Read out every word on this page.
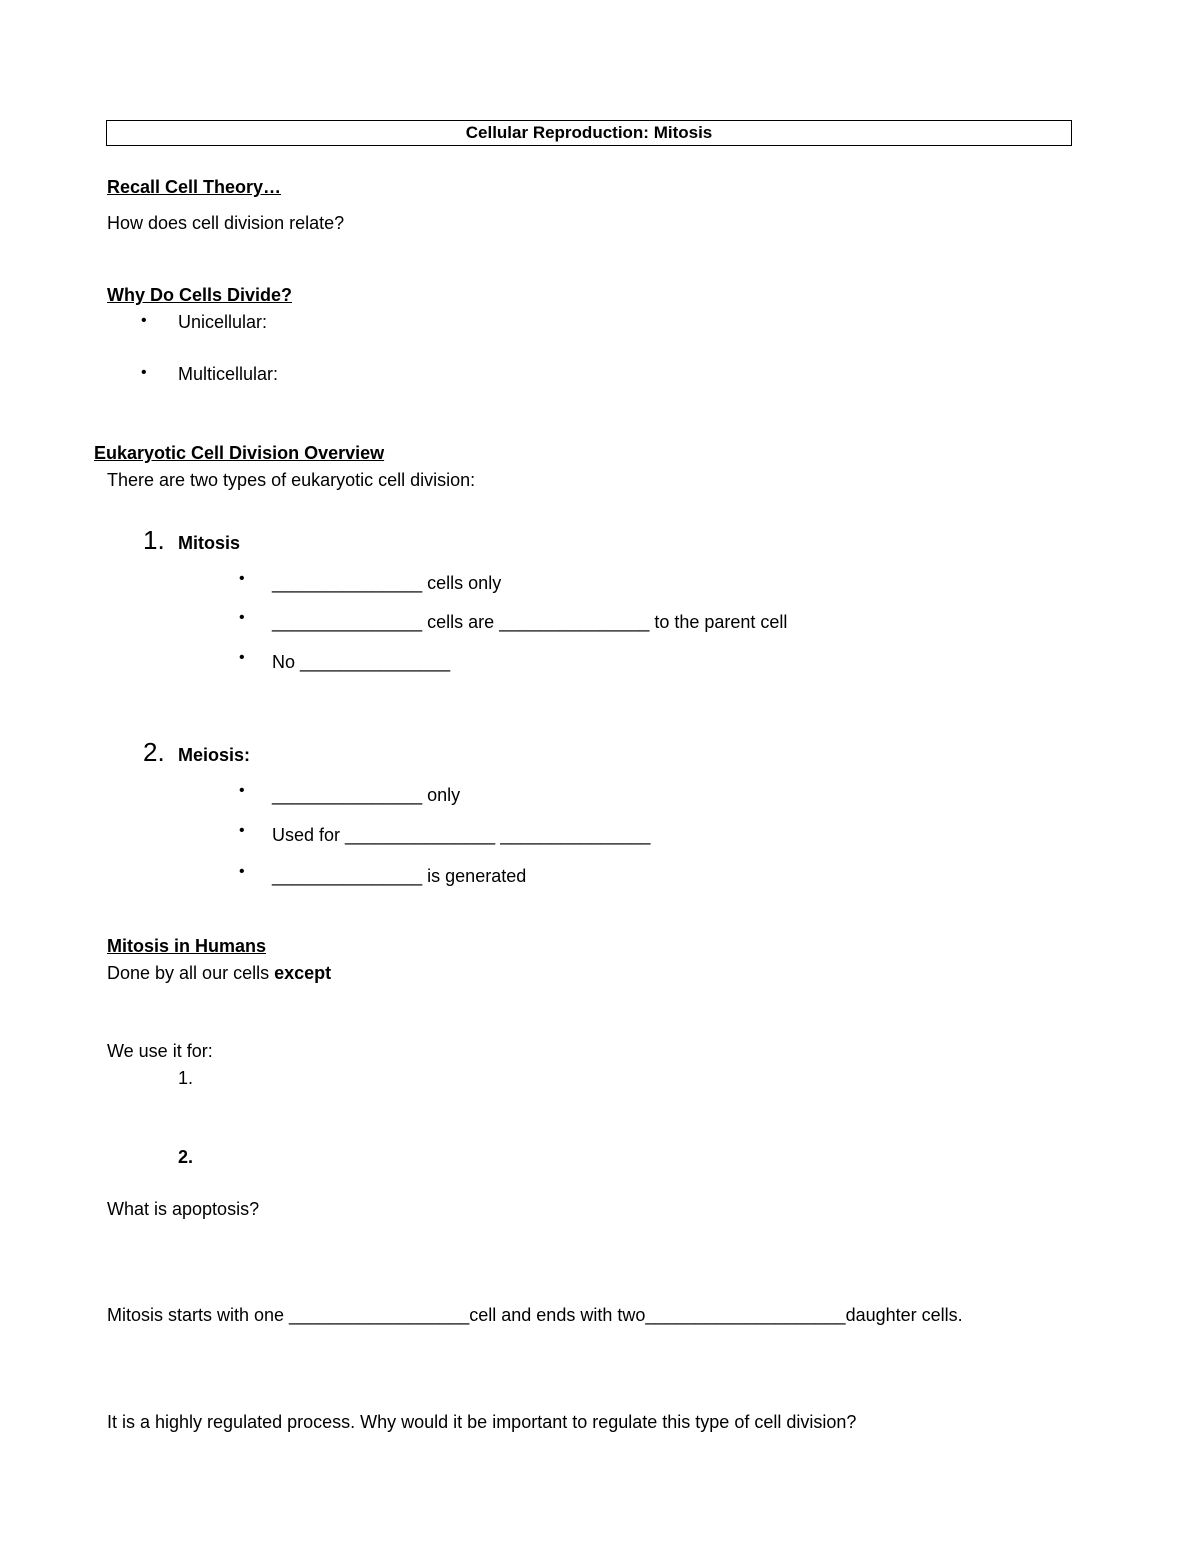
Cellular Reproduction: Mitosis
Recall Cell Theory…
How does cell division relate?
Why Do Cells Divide?
• Unicellular:
• Multicellular:
Eukaryotic Cell Division Overview
There are two types of eukaryotic cell division:
1. Mitosis
• _______________ cells only
• _______________ cells are _______________ to the parent cell
• No _______________
2. Meiosis:
• _______________ only
• Used for _______________ _______________
• _______________ is generated
Mitosis in Humans
Done by all our cells except
We use it for:
1.
2.
What is apoptosis?
Mitosis starts with one __________________cell and ends with two____________________daughter cells.
It is a highly regulated process. Why would it be important to regulate this type of cell division?
